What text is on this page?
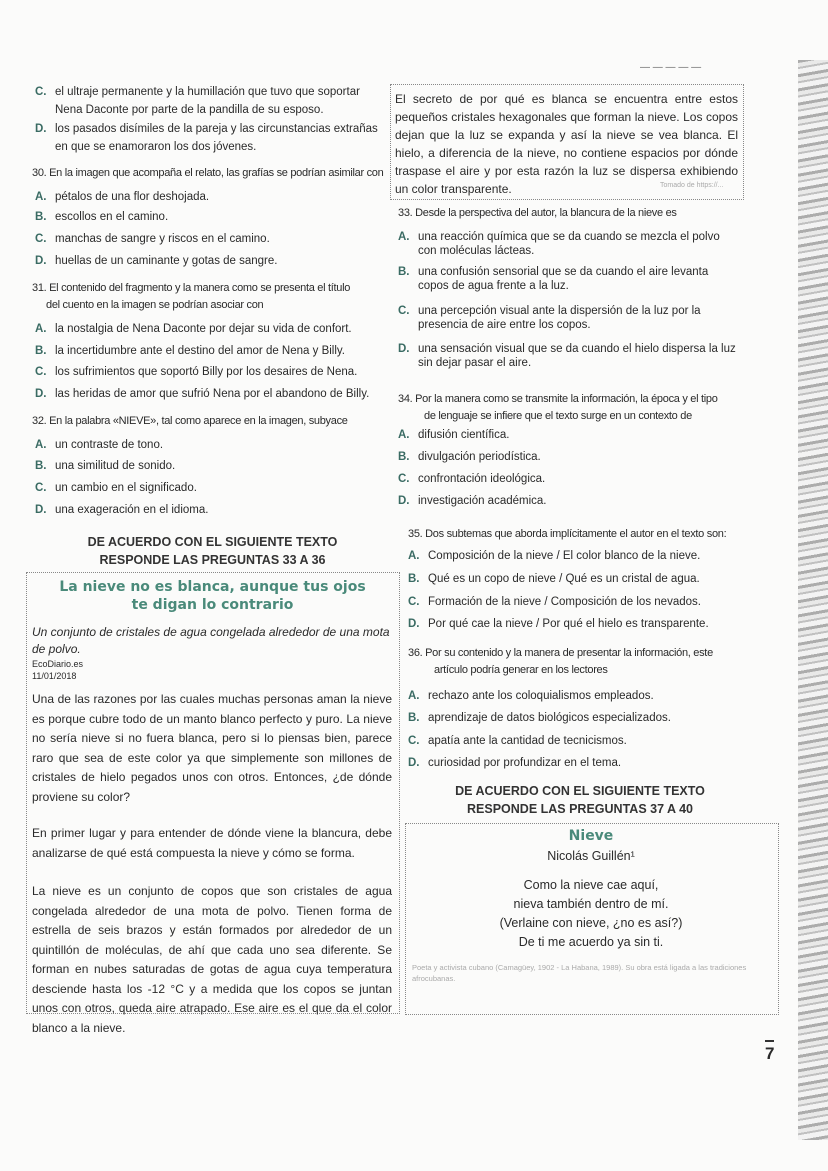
— — — — —
DE ACUERDO CON EL SIGUIENTE TEXTO
RESPONDE LAS PREGUNTAS 33 A 36
La nieve no es blanca, aunque tus ojos
te digan lo contrario
Un conjunto de cristales de agua congelada alrededor de una mota
de polvo.
EcoDiario.es
11/01/2018
Una de las razones por las cuales muchas personas aman la nieve es porque cubre todo de un manto blanco perfecto y puro. La nieve no sería nieve si no fuera blanca, pero si lo piensas bien, parece raro que sea de este color ya que simplemente son millones de cristales de hielo pegados unos con otros. Entonces, ¿de dónde proviene su color?
En primer lugar y para entender de dónde viene la blancura, debe analizarse de qué está compuesta la nieve y cómo se forma.
La nieve es un conjunto de copos que son cristales de agua congelada alrededor de una mota de polvo. Tienen forma de estrella de seis brazos y están formados por alrededor de un quintillón de moléculas, de ahí que cada uno sea diferente. Se forman en nubes saturadas de gotas de agua cuya temperatura desciende hasta los -12 °C y a medida que los copos se juntan unos con otros, queda aire atrapado. Ese aire es el que da el color blanco a la nieve.
El secreto de por qué es blanca se encuentra entre estos pequeños cristales hexagonales que forman la nieve. Los copos dejan que la luz se expanda y así la nieve se vea blanca. El hielo, a diferencia de la nieve, no contiene espacios por dónde traspase el aire y por esta razón la luz se dispersa exhibiendo un color transparente.	Tomado de https://...
DE ACUERDO CON EL SIGUIENTE TEXTO
RESPONDE LAS PREGUNTAS 37 A 40
Nieve
Nicolás Guillén¹
Como la nieve cae aquí,
nieva también dentro de mí.
(Verlaine con nieve, ¿no es así?)
De ti me acuerdo ya sin ti.
Poeta y activista cubano (Camagüey, 1902 - La Habana, 1989). Su obra está ligada a las tradiciones afrocubanas.
7
C. el ultraje permanente y la humillación que tuvo que soportar
Nena Daconte por parte de la pandilla de su esposo.
D. los pasados disímiles de la pareja y las circunstancias extrañas
en que se enamoraron los dos jóvenes.
30. En la imagen que acompaña el relato, las grafías se podrían asimilar con
A. pétalos de una flor deshojada.
B. escollos en el camino.
C. manchas de sangre y riscos en el camino.
D. huellas de un caminante y gotas de sangre.
31. El contenido del fragmento y la manera como se presenta el título
del cuento en la imagen se podrían asociar con
A. la nostalgia de Nena Daconte por dejar su vida de confort.
B. la incertidumbre ante el destino del amor de Nena y Billy.
C. los sufrimientos que soportó Billy por los desaires de Nena.
D. las heridas de amor que sufrió Nena por el abandono de Billy.
32. En la palabra «NIEVE», tal como aparece en la imagen, subyace
A. un contraste de tono.
B. una similitud de sonido.
C. un cambio en el significado.
D. una exageración en el idioma.
33. Desde la perspectiva del autor, la blancura de la nieve es
A. una reacción química que se da cuando se mezcla el polvo
con moléculas lácteas.
B. una confusión sensorial que se da cuando el aire levanta
copos de agua frente a la luz.
C. una percepción visual ante la dispersión de la luz por la
presencia de aire entre los copos.
D. una sensación visual que se da cuando el hielo dispersa la luz
sin dejar pasar el aire.
34. Por la manera como se transmite la información, la época y el tipo
de lenguaje se infiere que el texto surge en un contexto de
A. difusión científica.
B. divulgación periodística.
C. confrontación ideológica.
D. investigación académica.
35. Dos subtemas que aborda implícitamente el autor en el texto son:
A. Composición de la nieve / El color blanco de la nieve.
B. Qué es un copo de nieve / Qué es un cristal de agua.
C. Formación de la nieve / Composición de los nevados.
D. Por qué cae la nieve / Por qué el hielo es transparente.
36. Por su contenido y la manera de presentar la información, este
artículo podría generar en los lectores
A. rechazo ante los coloquialismos empleados.
B. aprendizaje de datos biológicos especializados.
C. apatía ante la cantidad de tecnicismos.
D. curiosidad por profundizar en el tema.
